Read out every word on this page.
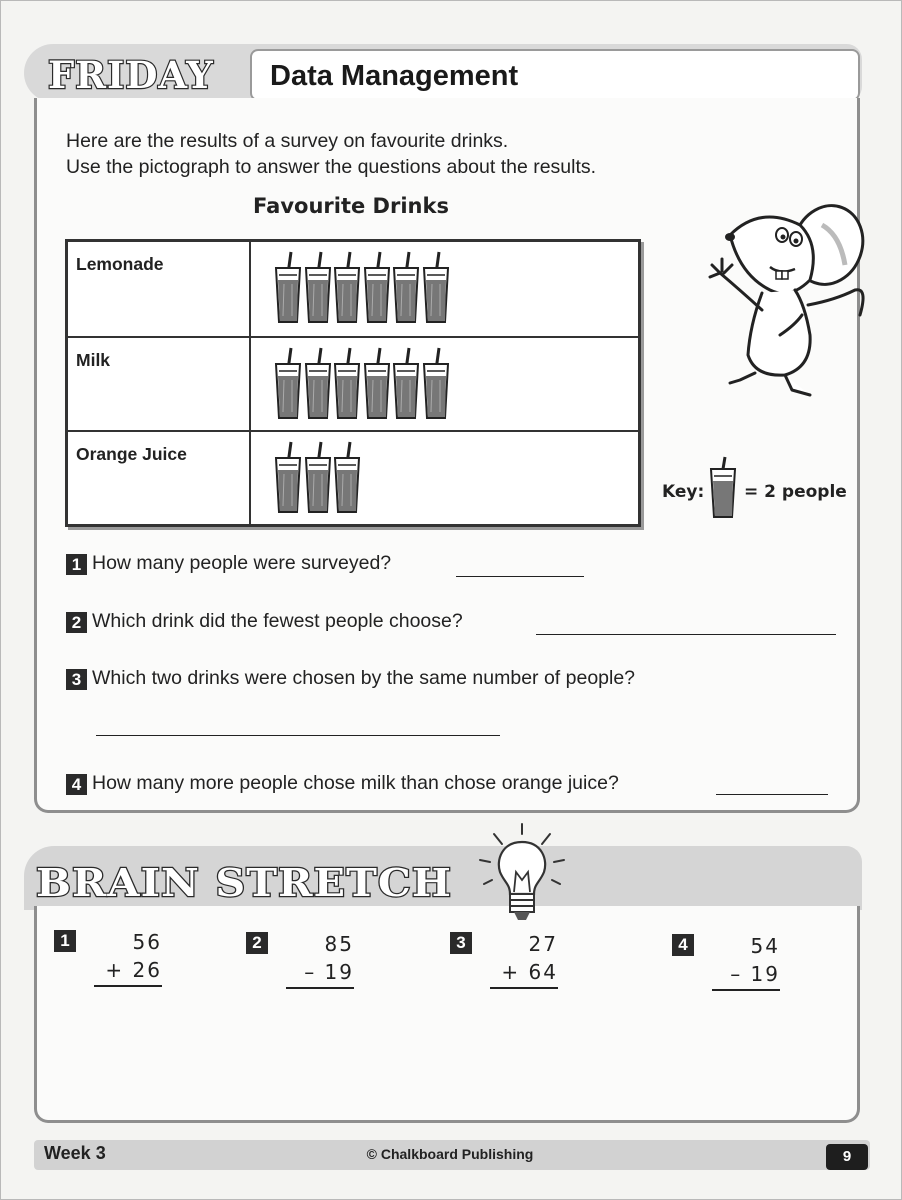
FRIDAY Data Management
Here are the results of a survey on favourite drinks.
Use the pictograph to answer the questions about the results.
Favourite Drinks
Lemonade
Milk
Orange Juice
Key: = 2 people
1 How many people were surveyed?
2 Which drink did the fewest people choose?
3 Which two drinks were chosen by the same number of people?
4 How many more people chose milk than chose orange juice?
BRAIN STRETCH
1	56
+ 26
2	85
– 19
3	27
+ 64
4	54
– 19
Week 3	© Chalkboard Publishing	9
